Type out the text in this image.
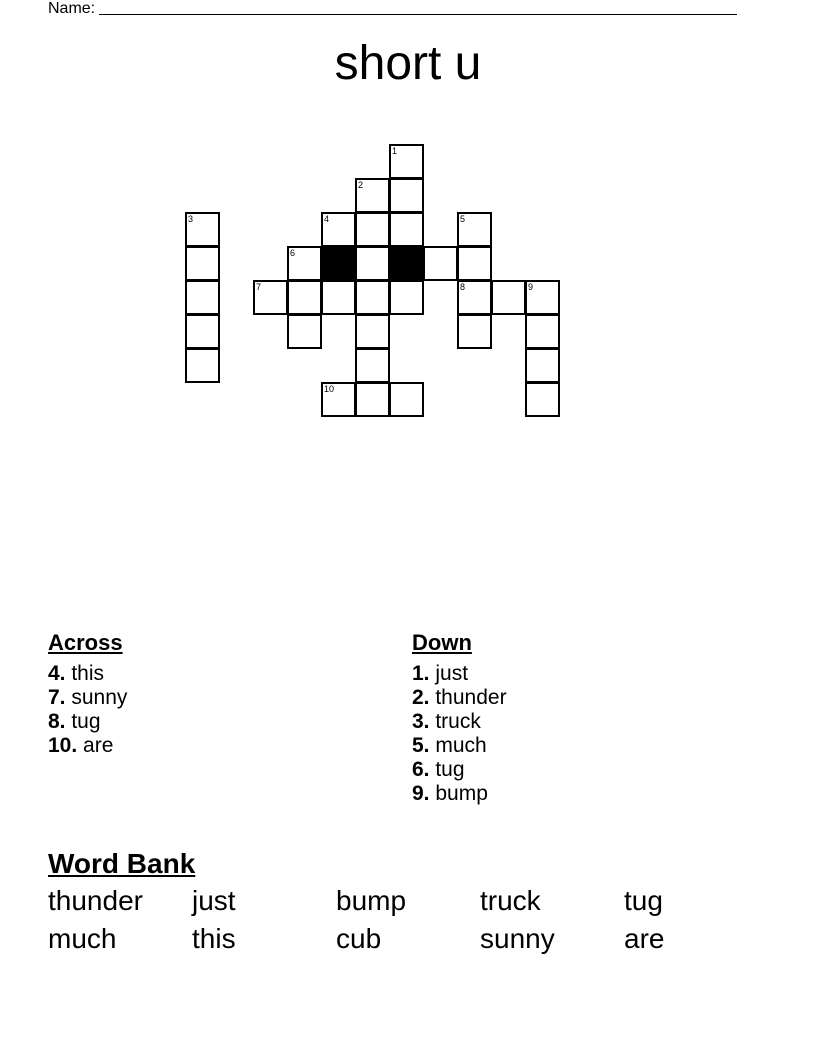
Name:
short u
1
2
3	4	5
6
7	8	9
10
Across
4. this
7. sunny
8. tug
10. are
Down
1. just
2. thunder
3. truck
5. much
6. tug
9. bump
Word Bank
thunder	just	bump	truck	tug
much	this	cub	sunny	are
